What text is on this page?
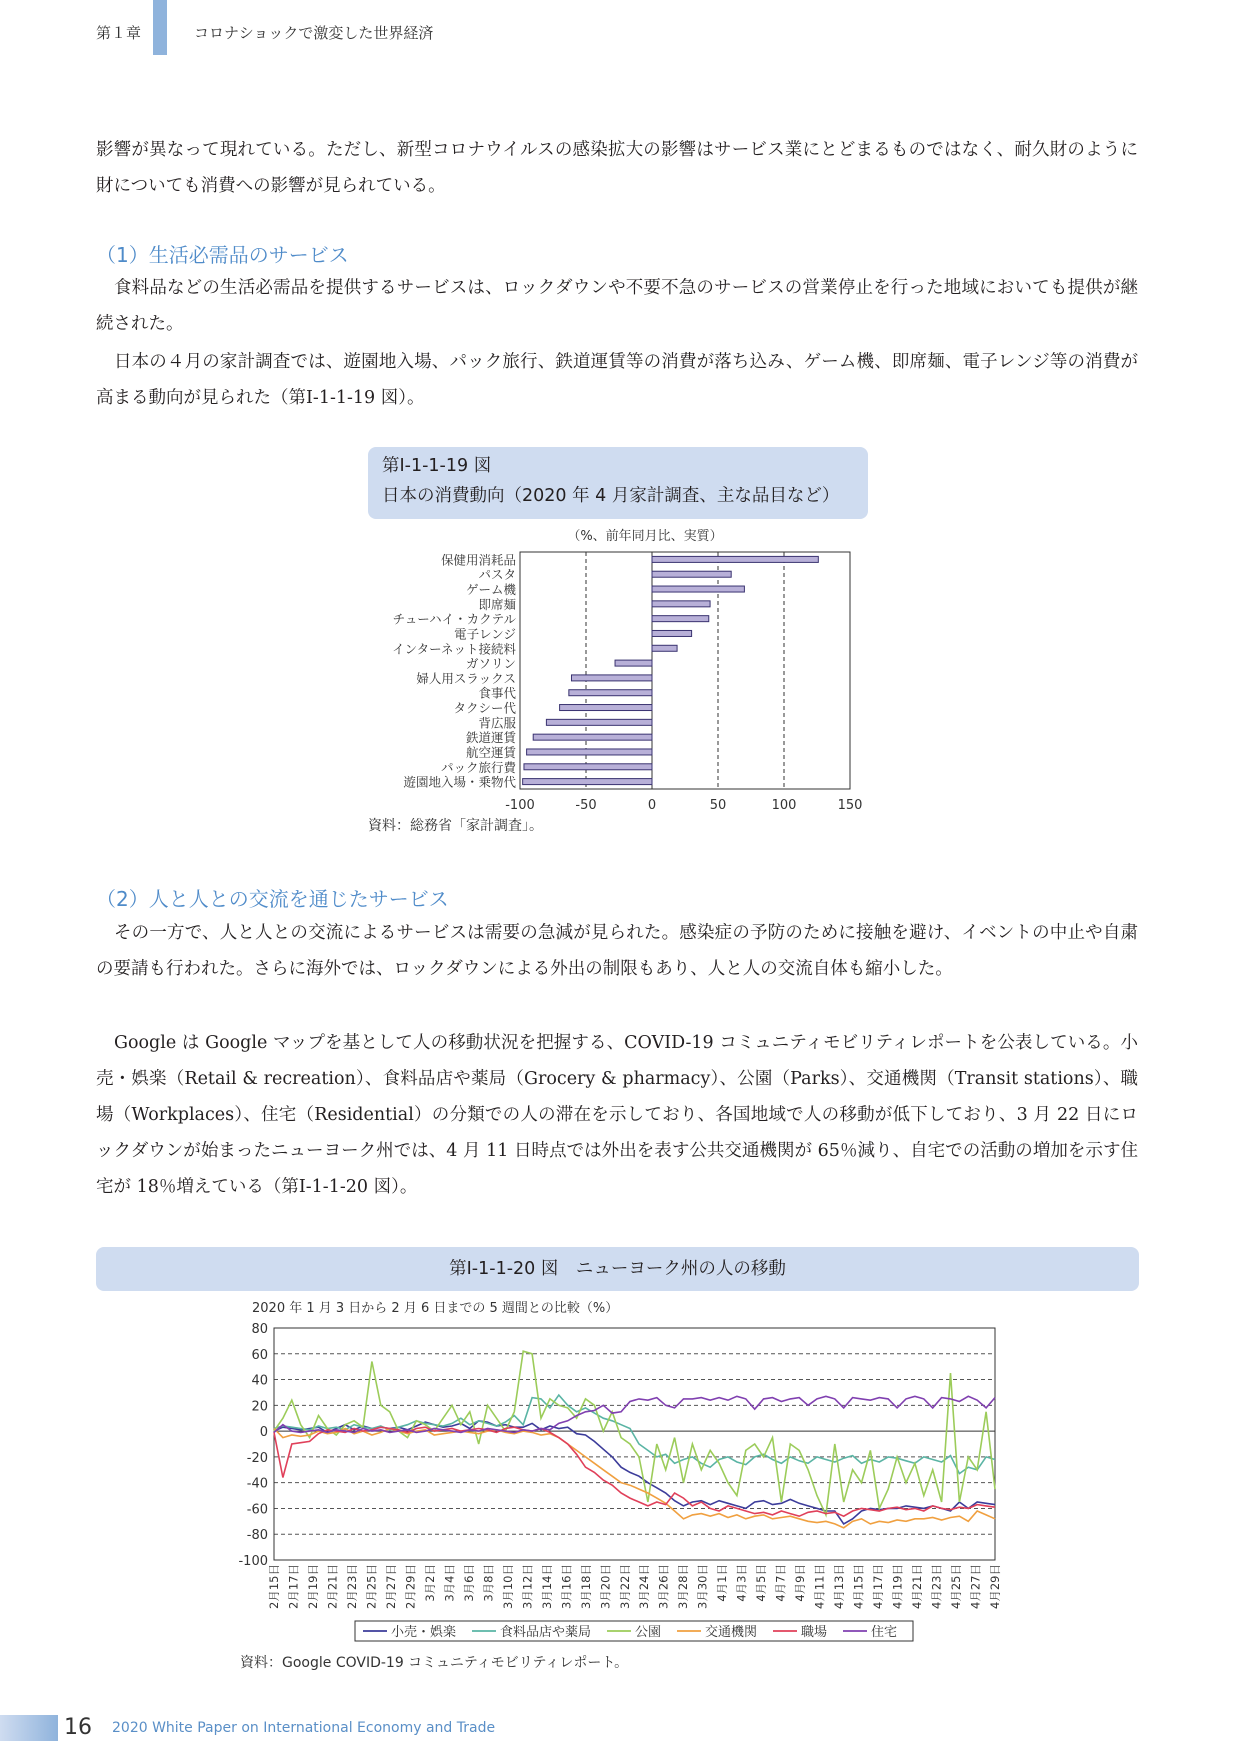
第１章	コロナショックで激変した世界経済
影響が異なって現れている。ただし、新型コロナウイルスの感染拡大の影響はサービス業にとどまるものではなく、耐久財のように財についても消費への影響が見られている。
（1）生活必需品のサービス
食料品などの生活必需品を提供するサービスは、ロックダウンや不要不急のサービスの営業停止を行った地域においても提供が継続された。
日本の４月の家計調査では、遊園地入場、パック旅行、鉄道運賃等の消費が落ち込み、ゲーム機、即席麺、電子レンジ等の消費が高まる動向が見られた（第Ⅰ-1-1-19 図）。
第Ⅰ-1-1-19 図
日本の消費動向（2020 年 4 月家計調査、主な品目など）
（%、前年同月比、実質）
-100	-50	0	50	100	150
保健用消耗品
パスタ
ゲーム機
即席麺
チューハイ・カクテル
電子レンジ
インターネット接続料
ガソリン
婦人用スラックス
食事代
タクシー代
背広服
鉄道運賃
航空運賃
パック旅行費
遊園地入場・乗物代
資料：総務省「家計調査」。
（2）人と人との交流を通じたサービス
その一方で、人と人との交流によるサービスは需要の急減が見られた。感染症の予防のために接触を避け、イベントの中止や自粛の要請も行われた。さらに海外では、ロックダウンによる外出の制限もあり、人と人の交流自体も縮小した。
Google は Google マップを基として人の移動状況を把握する、COVID-19 コミュニティモビリティレポートを公表している。小売・娯楽（Retail & recreation）、食料品店や薬局（Grocery & pharmacy）、公園（Parks）、交通機関（Transit stations）、職場（Workplaces）、住宅（Residential）の分類での人の滞在を示しており、各国地域で人の移動が低下しており、3 月 22 日にロックダウンが始まったニューヨーク州では、4 月 11 日時点では外出を表す公共交通機関が 65％減り、自宅での活動の増加を示す住宅が 18％増えている（第Ⅰ-1-1-20 図）。
第Ⅰ-1-1-20 図　ニューヨーク州の人の移動
2020 年 1 月 3 日から 2 月 6 日までの 5 週間との比較（%）
80
60
40
20
0
-20
-40
-60
-80
-100
2月15日 2月17日 2月19日 2月21日 2月23日 2月25日 2月27日 2月29日 3月2日 3月4日 3月6日 3月8日 3月10日 3月12日 3月14日 3月16日 3月18日 3月20日 3月22日 3月24日 3月26日 3月28日 3月30日 4月1日 4月3日 4月5日 4月7日 4月9日 4月11日 4月13日 4月15日 4月17日 4月19日 4月21日 4月23日 4月25日 4月27日 4月29日
小売・娯楽	食料品店や薬局	公園	交通機関	職場	住宅
資料：Google COVID-19 コミュニティモビリティレポート。
16 2020 White Paper on International Economy and Trade
